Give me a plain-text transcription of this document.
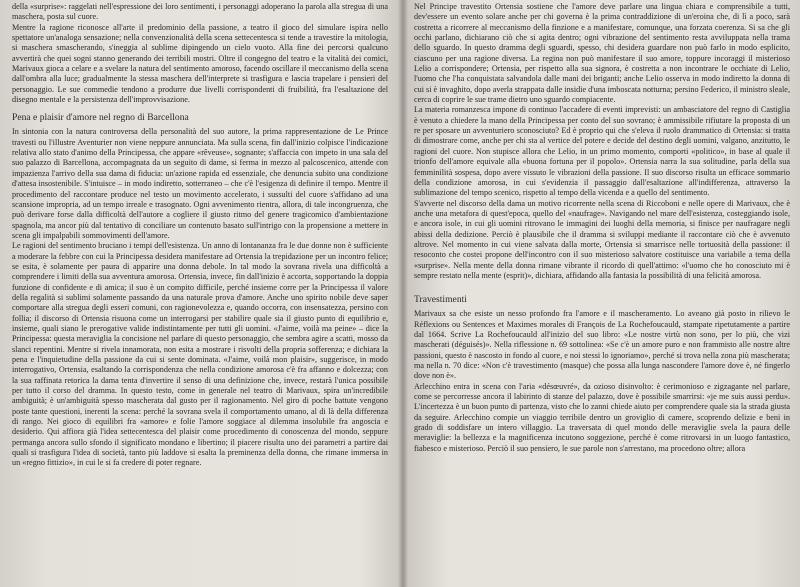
della «surprise»: raggelati nell'espressione dei loro sentimenti, i personaggi adoperano la parola alla stregua di una maschera, posta sul cuore.

Mentre la ragione riconosce all'arte il predominio della passione, a teatro il gioco del simulare ispira nello spettatore un'analoga sensazione; nella convenzionalità della scena settecentesca si tende a travestire la mitologia, si maschera smascherando, s'ineggia al sublime dipingendo un cielo vuoto. Alla fine dei percorsi qualcuno avvertirà che quei sogni stanno generando dei terribili mostri. Oltre il congegno del teatro e la vitalità dei comici, Marivaux gioca a celare e a svelare la natura del sentimento amoroso, facendo oscillare il meccanismo della scena dall'ombra alla luce; gradualmente la stessa maschera dell'interprete si trasfigura e lascia trapelare i pensieri del personaggio. Le sue commedie tendono a produrre due livelli corrispondenti di fruibilità, fra l'esaltazione del disegno mentale e la persistenza dell'improvvisazione.

Pena e plaisir d'amore nel regno di Barcellona

In sintonia con la natura controversa della personalità del suo autore, la prima rappresentazione de Le Prince travesti ou l'illustre Aventurier non viene neppure annunciata. Ma sulla scena, fin dall'inizio colpisce l'indicazione relativa allo stato d'animo della Principessa, che appare «rêveuse», sognante; s'affaccia con impeto in una sala del suo palazzo di Barcellona, accompagnata da un seguito di dame, si ferma in mezzo al palcoscenico, attende con impazienza l'arrivo della sua dama di fiducia: un'azione rapida ed essenziale, che denuncia subito una condizione d'attesa insostenibile. S'intuisce – in modo indiretto, sotterraneo – che c'è l'esigenza di definire il tempo. Mentre il procedimento del raccontare produce nel testo un movimento accelerato, i sussulti del cuore s'affidano ad una scansione impropria, ad un tempo irreale e trasognato. Ogni avvenimento rientra, allora, di tale incongruenza, che può derivare forse dalla difficoltà dell'autore a cogliere il giusto ritmo del genere tragicomico d'ambientazione spagnola, ma ancor più dal tentativo di conciliare un contenuto basato sull'intrigo con la propensione a mettere in scena gli impalpabili sommovimenti dell'amore.

Le ragioni del sentimento bruciano i tempi dell'esistenza. Un anno di lontananza fra le due donne non è sufficiente a moderare la febbre con cui la Principessa desidera manifestare ad Ortensia la trepidazione per un incontro felice; se esita, è solamente per paura di apparire una donna debole. In tal modo la sovrana rivela una difficoltà a comprendere i limiti della sua avventura amorosa. Ortensia, invece, fin dall'inizio è accorta, sopportando la doppia funzione di confidente e di amica; il suo è un compito difficile, perché insieme corre per la Principessa il valore della regalità si sublimi solamente passando da una naturale prova d'amore. Anche uno spirito nobile deve saper comportare alla stregua degli esseri comuni, con ragionevolezza e, quando occorra, con insensatezza, persino con follia; il discorso di Ortensia risuona come un interrogarsi per stabilire quale sia il giusto punto di equilibrio e, insieme, quali siano le prerogative valide indistintamente per tutti gli uomini. «J'aime, voilà ma peine» – dice la Principessa: questa meraviglia la concisione nel parlare di questo personaggio, che sembra agire a scatti, mosso da slanci repentini. Mentre si rivela innamorata, non esita a mostrare i risvolti della propria sofferenza; e dichiara la pena e l'inquietudine della passione da cui si sente dominata. «J'aime, voilà mon plaisir», suggerisce, in modo interrogativo, Ortensia, esaltando la corrispondenza che nella condizione amorosa c'è fra affanno e dolcezza; con la sua raffinata retorica la dama tenta d'invertire il senso di una definizione che, invece, restarà l'unica possibile per tutto il corso del dramma. In questo testo, come in generale nel teatro di Marivaux, spira un'incredibile ambiguità; è un'ambiguità spesso mascherata dal gusto per il ragionamento. Nel giro di poche battute vengono poste tante questioni, inerenti la scena: perché la sovrana svela il comportamento umano, al di là della differenza di rango. Nei gioco di equilibri fra «amore» e folie l'amore soggiace al dilemma insolubile fra angoscia e desiderio. Qui affiora già l'idea settecentesca del plaisir come procedimento di conoscenza del mondo, seppure permanga ancora sullo sfondo il significato mondano e libertino; il piacere risulta uno dei parametri a partire dai quali si trasfigura l'idea di società, tanto più laddove si esalta la preminenza della donna, che rimane immersa in un «regno fittizio», in cui le si fa credere di poter regnare.

Nel Principe travestito Ortensia sostiene che l'amore deve parlare una lingua chiara e comprensibile a tutti, dev'essere un evento solare anche per chi governa è la prima contraddizione di un'eroina che, di lì a poco, sarà costretta a ricorrere al meccanismo della finzione e a manifestare, comunque, una forzata coerenza. Si sa che gli occhi parlano, dichiarano ciò che si agita dentro; ogni vibrazione del sentimento resta avviluppata nella trama dello sguardo. In questo dramma degli sguardi, spesso, chi desidera guardare non può farlo in modo esplicito, ciascuno per una ragione diversa. La regina non può manifestare il suo amore, toppure incoraggi il misterioso Lelio a corrispondere; Ortensia, per rispetto alla sua signora, è costretta a non incontrare le occhiate di Lelio, l'uomo che l'ha conquistata salvandola dalle mani dei briganti; anche Lelio osserva in modo indiretto la donna di cui si è invaghito, dopo averla strappata dalle insidie d'una imboscata notturna; persino Federico, il ministro sleale, cerca di coprire le sue trame dietro uno sguardo compiacente.

La materia romanzesca impone di continuo l'accadere di eventi imprevisti: un ambasciatore del regno di Castiglia è venuto a chiedere la mano della Principessa per conto del suo sovrano; è ammissibile rifiutare la proposta di un re per sposare un avventuriero sconosciuto? Ed è proprio qui che s'eleva il ruolo drammatico di Ortensia: si tratta di dimostrare come, anche per chi sta al vertice del potere e decide del destino degli uomini, valgano, anzitutto, le ragioni del cuore. Non stupisce allora che Lelio, in un primo momento, comporti «politico», in base al quale il trionfo dell'amore equivale alla «buona fortuna per il popolo». Ortensia narra la sua solitudine, parla della sua femminilità sospesa, dopo avere vissuto le vibrazioni della passione. Il suo discorso risulta un efficace sommario della condizione amorosa, in cui s'evidenzia il passaggio dall'esaltazione all'indifferenza, attraverso la sublimazione del tempo scenico, rispetto al tempo della vicenda e a quello del sentimento.

S'avverte nel discorso della dama un motivo ricorrente nella scena di Riccoboni e nelle opere di Marivaux, che è anche una metafora di quest'epoca, quello del «naufrage». Navigando nel mare dell'esistenza, costeggiando isole, e ancora isole, in cui gli uomini ritrovano le immagini dei luoghi della memoria, si finisce per naufragare negli abissi della dedizione. Perciò è plausibile che il dramma si sviluppi mediante il raccontare ciò che è avvenuto altrove. Nel momento in cui viene salvata dalla morte, Ortensia si smarrisce nelle tortuosità della passione: il resoconto che costei propone dell'incontro con il suo misterioso salvatore costituisce una variabile a tema della «surprise». Nella mente della donna rimane vibrante il ricordo di quell'attimo: «l'uomo che ho conosciuto mi è sempre restato nella mente (esprit)», dichiara, affidando alla fantasia la possibilità di una felicità amorosa.

Travestimenti

Marivaux sa che esiste un nesso profondo fra l'amore e il mascheramento. Lo aveano già posto in rilievo le Réflexions ou Sentences et Maximes morales di François de La Rochefoucauld, stampate ripetutamente a partire dal 1664. Scrive La Rochefoucauld all'inizio del suo libro: «Le nostre virtù non sono, per lo più, che vizi mascherati (déguisés)». Nella riflessione n. 69 sottolinea: «Se c'è un amore puro e non frammisto alle nostre altre passioni, questo è nascosto in fondo al cuore, e noi stessi lo ignoriamo», perché si trova nella zona più mascherata; ma nella n. 70 dice: «Non c'è travestimento (masque) che possa alla lunga nascondere l'amore dove è, né fingerlo dove non è».

Arlecchino entra in scena con l'aria «désœuvré», da ozioso disinvolto: è cerimonioso e zigzagante nel parlare, come se percorresse ancora il labirinto di stanze del palazzo, dove è possibile smarrirsi: «je me suis aussi perdu». L'incertezza è un buon punto di partenza, visto che lo zanni chiede aiuto per comprendere quale sia la strada giusta da seguire. Arlecchino compie un viaggio terribile dentro un groviglio di camere, scoprendo delizie e beni in grado di soddisfare un intero villaggio. La traversata di quel mondo delle meraviglie svela la paura delle meraviglie: la bellezza e la magnificenza incutono soggezione, perché è come ritrovarsi in un luogo fantastico, fiabesco e misterioso. Perciò il suo pensiero, le sue parole non s'arrestano, ma procedono oltre; allora
